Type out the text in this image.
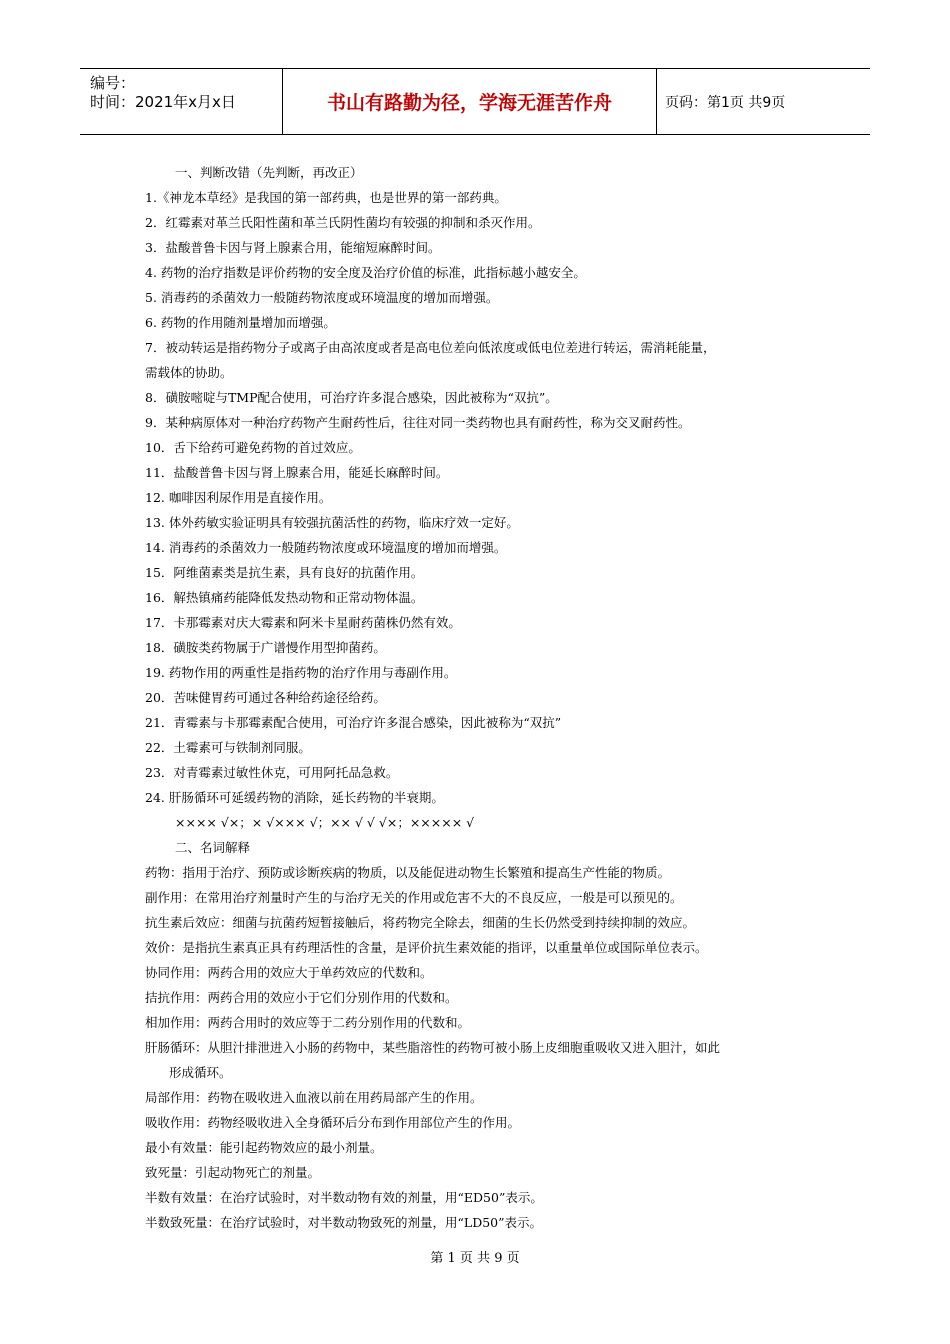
编号：
时间：2021年x月x日	书山有路勤为径，学海无涯苦作舟	页码：第1页 共9页
一、判断改错（先判断，再改正）
1.《神龙本草经》是我国的第一部药典，也是世界的第一部药典。
2．红霉素对革兰氏阳性菌和革兰氏阴性菌均有较强的抑制和杀灭作用。
3．盐酸普鲁卡因与肾上腺素合用，能缩短麻醉时间。
4. 药物的治疗指数是评价药物的安全度及治疗价值的标准，此指标越小越安全。
5. 消毒药的杀菌效力一般随药物浓度或环境温度的增加而增强。
6. 药物的作用随剂量增加而增强。
7．被动转运是指药物分子或离子由高浓度或者是高电位差向低浓度或低电位差进行转运，需消耗能量，
需载体的协助。
8．磺胺嘧啶与TMP配合使用，可治疗许多混合感染，因此被称为“双抗”。
9．某种病原体对一种治疗药物产生耐药性后，往往对同一类药物也具有耐药性，称为交叉耐药性。
10．舌下给药可避免药物的首过效应。
11．盐酸普鲁卡因与肾上腺素合用，能延长麻醉时间。
12. 咖啡因利尿作用是直接作用。
13. 体外药敏实验证明具有较强抗菌活性的药物，临床疗效一定好。
14. 消毒药的杀菌效力一般随药物浓度或环境温度的增加而增强。
15．阿维菌素类是抗生素，具有良好的抗菌作用。
16．解热镇痛药能降低发热动物和正常动物体温。
17．卡那霉素对庆大霉素和阿米卡星耐药菌株仍然有效。
18．磺胺类药物属于广谱慢作用型抑菌药。
19. 药物作用的两重性是指药物的治疗作用与毒副作用。
20．苦味健胃药可通过各种给药途径给药。
21．青霉素与卡那霉素配合使用，可治疗许多混合感染，因此被称为“双抗”
22．土霉素可与铁制剂同服。
23．对青霉素过敏性休克，可用阿托品急救。
24. 肝肠循环可延缓药物的消除，延长药物的半衰期。
×××× √×；× √××× √；×× √ √ √×；××××× √
二、名词解释
药物：指用于治疗、预防或诊断疾病的物质，以及能促进动物生长繁殖和提高生产性能的物质。
副作用：在常用治疗剂量时产生的与治疗无关的作用或危害不大的不良反应，一般是可以预见的。
抗生素后效应：细菌与抗菌药短暂接触后，将药物完全除去，细菌的生长仍然受到持续抑制的效应。
效价：是指抗生素真正具有药理活性的含量，是评价抗生素效能的指评，以重量单位或国际单位表示。
协同作用：两药合用的效应大于单药效应的代数和。
拮抗作用：两药合用的效应小于它们分别作用的代数和。
相加作用：两药合用时的效应等于二药分别作用的代数和。
肝肠循环：从胆汁排泄进入小肠的药物中，某些脂溶性的药物可被小肠上皮细胞重吸收又进入胆汁，如此
形成循环。
局部作用：药物在吸收进入血液以前在用药局部产生的作用。
吸收作用：药物经吸收进入全身循环后分布到作用部位产生的作用。
最小有效量：能引起药物效应的最小剂量。
致死量：引起动物死亡的剂量。
半数有效量：在治疗试验时，对半数动物有效的剂量，用“ED50”表示。
半数致死量：在治疗试验时，对半数动物致死的剂量，用“LD50”表示。
第 1 页 共 9 页
